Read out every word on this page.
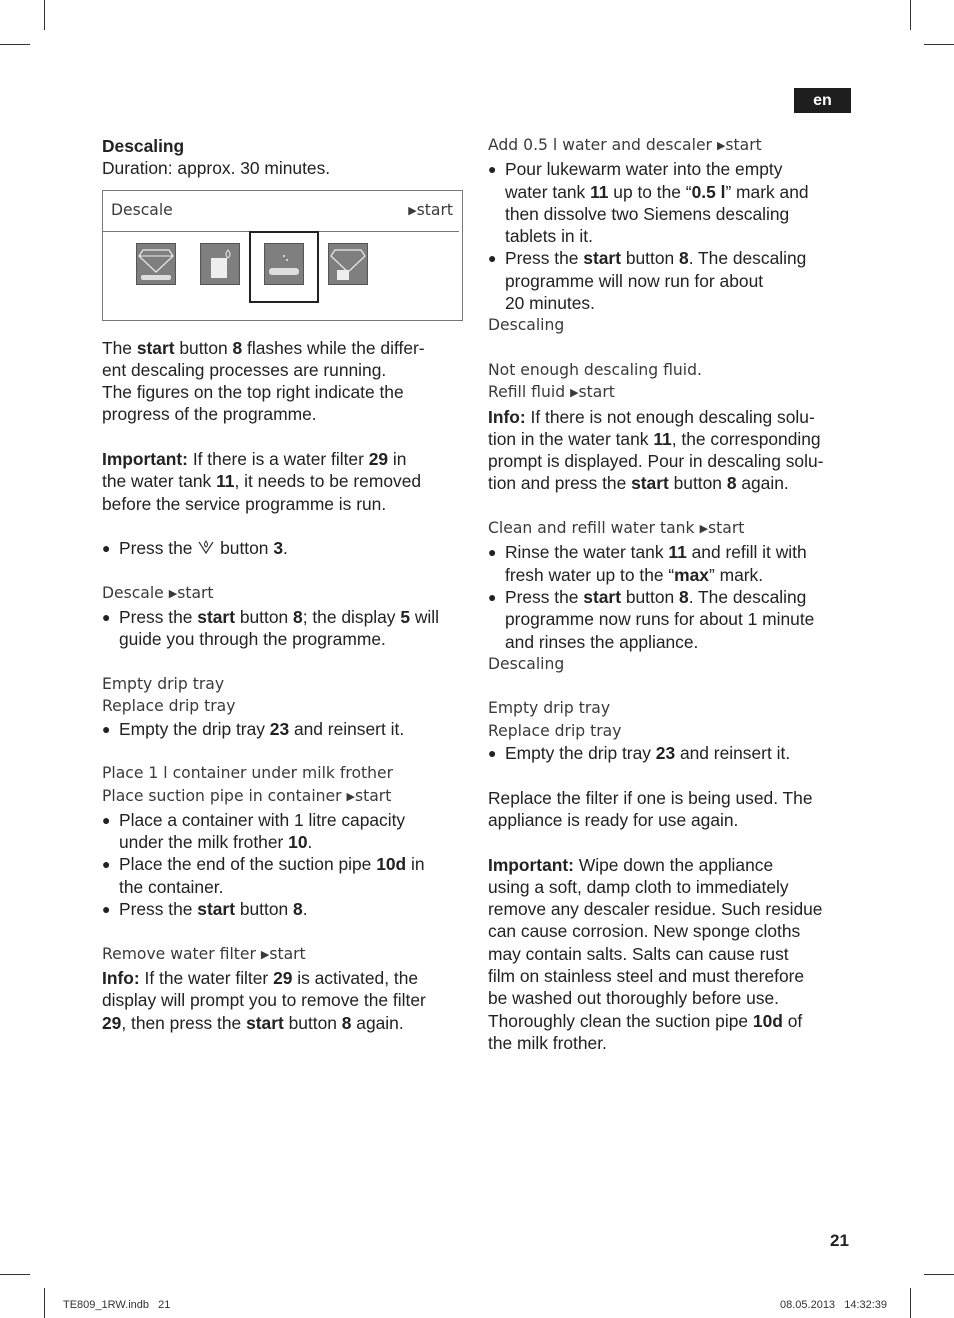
en

Descaling

Duration: approx. 30 minutes.

Descale	▶start

The start button 8 flashes while the differ-

ent descaling processes are running.

The figures on the top right indicate the

progress of the programme.

Important: If there is a water filter 29 in

the water tank 11, it needs to be removed

before the service programme is run.

● Press the  button 3.

Descale ▶start

● Press the start button 8; the display 5 will
guide you through the programme.

Empty drip tray

Replace drip tray

● Empty the drip tray 23 and reinsert it.

Place 1 l container under milk frother

Place suction pipe in container ▶start

● Place a container with 1 litre capacity
under the milk frother 10.

● Place the end of the suction pipe 10d in
the container.

● Press the start button 8.

Remove water filter ▶start

Info: If the water filter 29 is activated, the

display will prompt you to remove the filter

29, then press the start button 8 again.

Add 0.5 l water and descaler ▶start

● Pour lukewarm water into the empty
water tank 11 up to the “0.5 l” mark and
then dissolve two Siemens descaling
tablets in it.

● Press the start button 8. The descaling
programme will now run for about
20 minutes.

Descaling

Not enough descaling fluid.

Refill fluid ▶start

Info: If there is not enough descaling solu-

tion in the water tank 11, the corresponding

prompt is displayed. Pour in descaling solu-

tion and press the start button 8 again.

Clean and refill water tank ▶start

● Rinse the water tank 11 and refill it with
fresh water up to the “max” mark.

● Press the start button 8. The descaling
programme now runs for about 1 minute
and rinses the appliance.

Descaling

Empty drip tray

Replace drip tray

● Empty the drip tray 23 and reinsert it.

Replace the filter if one is being used. The

appliance is ready for use again.

Important: Wipe down the appliance

using a soft, damp cloth to immediately

remove any descaler residue. Such residue

can cause corrosion. New sponge cloths

may contain salts. Salts can cause rust

film on stainless steel and must therefore

be washed out thoroughly before use.

Thoroughly clean the suction pipe 10d of

the milk frother.

21
TE809_1RW.indb   21	08.05.2013   14:32:39
